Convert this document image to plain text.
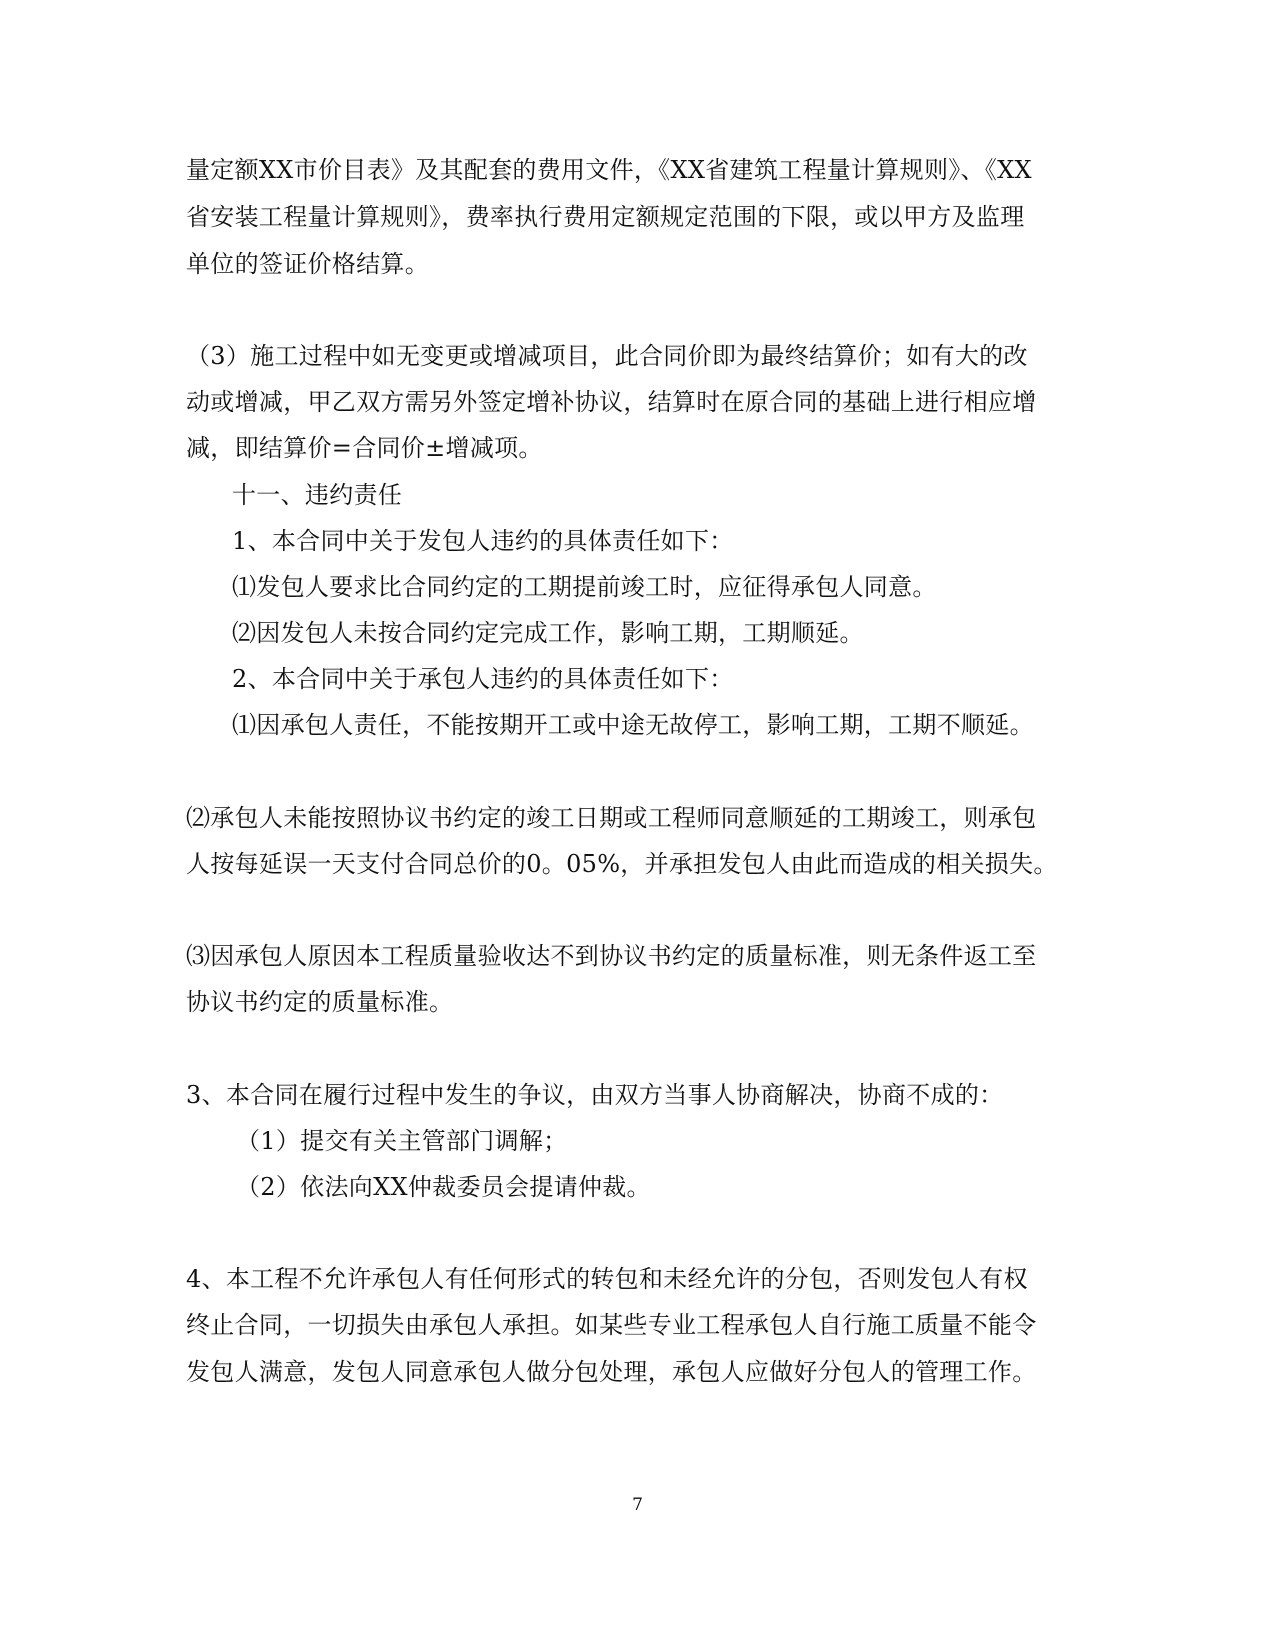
量定额XX市价目表》及其配套的费用文件，《XX省建筑工程量计算规则》、《XX
省安装工程量计算规则》，费率执行费用定额规定范围的下限，或以甲方及监理
单位的签证价格结算。
（3）施工过程中如无变更或增减项目，此合同价即为最终结算价；如有大的改
动或增减，甲乙双方需另外签定增补协议，结算时在原合同的基础上进行相应增
减，即结算价=合同价±增减项。
十一、违约责任
1、本合同中关于发包人违约的具体责任如下：
⑴发包人要求比合同约定的工期提前竣工时，应征得承包人同意。
⑵因发包人未按合同约定完成工作，影响工期，工期顺延。
2、本合同中关于承包人违约的具体责任如下：
⑴因承包人责任，不能按期开工或中途无故停工，影响工期，工期不顺延。
⑵承包人未能按照协议书约定的竣工日期或工程师同意顺延的工期竣工，则承包
人按每延误一天支付合同总价的0。05%，并承担发包人由此而造成的相关损失。
⑶因承包人原因本工程质量验收达不到协议书约定的质量标准，则无条件返工至
协议书约定的质量标准。
3、本合同在履行过程中发生的争议，由双方当事人协商解决，协商不成的：
（1）提交有关主管部门调解；
（2）依法向XX仲裁委员会提请仲裁。
4、本工程不允许承包人有任何形式的转包和未经允许的分包，否则发包人有权
终止合同，一切损失由承包人承担。如某些专业工程承包人自行施工质量不能令
发包人满意，发包人同意承包人做分包处理，承包人应做好分包人的管理工作。
7
